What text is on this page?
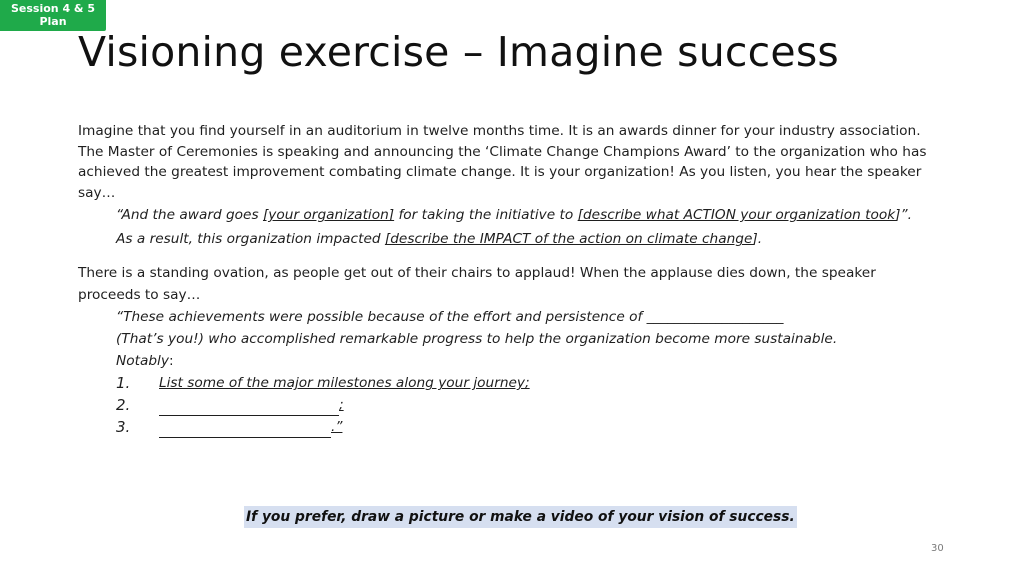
Session 4 & 5
Plan
Visioning exercise – Imagine success

Imagine that you find yourself in an auditorium in twelve months time. It is an awards dinner for your industry association. The Master of Ceremonies is speaking and announcing the ‘Climate Change Champions Award’ to the organization who has achieved the greatest improvement combating climate change. It is your organization! As you listen, you hear the speaker say…

“And the award goes [your organization] for taking the initiative to [describe what ACTION your organization took]”.

As a result, this organization impacted [describe the IMPACT of the action on climate change].

There is a standing ovation, as people get out of their chairs to applaud! When the applause dies down, the speaker proceeds to say…

“These achievements were possible because of the effort and persistence of ____________________
(That’s you!) who accomplished remarkable progress to help the organization become more sustainable.
Notably:
1.	List some of the major milestones along your journey;
2.	;
3.	.”
If you prefer, draw a picture or make a video of your vision of success.
30
